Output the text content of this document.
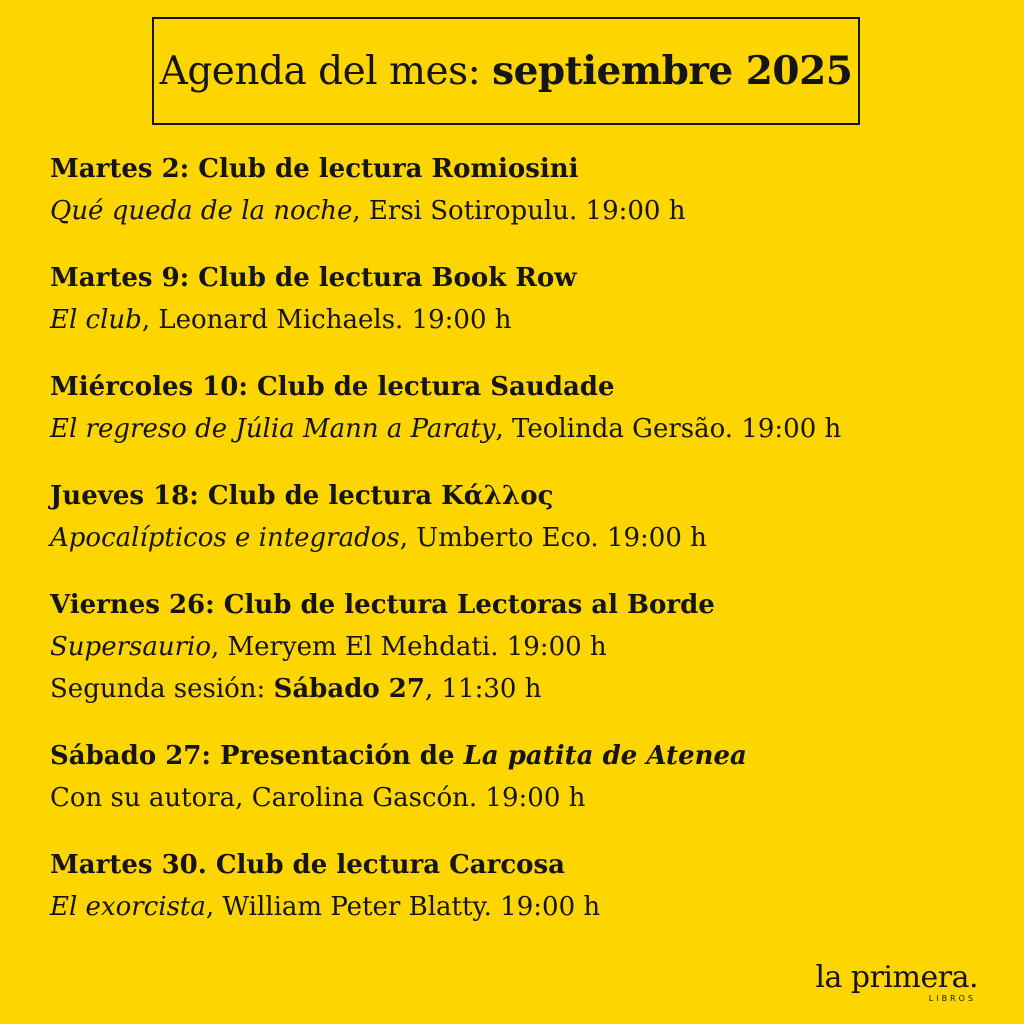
Agenda del mes: septiembre 2025
Martes 2: Club de lectura Romiosini
Qué queda de la noche, Ersi Sotiropulu. 19:00 h
Martes 9: Club de lectura Book Row
El club, Leonard Michaels. 19:00 h
Miércoles 10: Club de lectura Saudade
El regreso de Júlia Mann a Paraty, Teolinda Gersão. 19:00 h
Jueves 18: Club de lectura Κάλλος
Apocalípticos e integrados, Umberto Eco. 19:00 h
Viernes 26: Club de lectura Lectoras al Borde
Supersaurio, Meryem El Mehdati. 19:00 h
Segunda sesión: Sábado 27, 11:30 h
Sábado 27: Presentación de La patita de Atenea
Con su autora, Carolina Gascón. 19:00 h
Martes 30. Club de lectura Carcosa
El exorcista, William Peter Blatty. 19:00 h
la primera.
LIBROS
